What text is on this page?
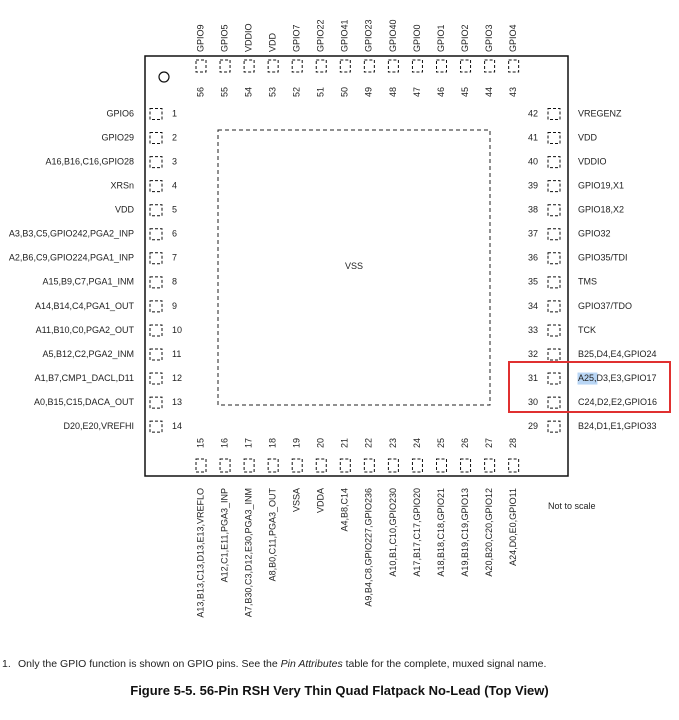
VSS
1
GPIO6
2
GPIO29
3
A16,B16,C16,GPIO28
4
XRSn
5
VDD
6
A3,B3,C5,GPIO242,PGA2_INP
7
A2,B6,C9,GPIO224,PGA1_INP
8
A15,B9,C7,PGA1_INM
9
A14,B14,C4,PGA1_OUT
10
A11,B10,C0,PGA2_OUT
11
A5,B12,C2,PGA2_INM
12
A1,B7,CMP1_DACL,D11
13
A0,B15,C15,DACA_OUT
14
D20,E20,VREFHI
42	VREGENZ
41	VDD
40	VDDIO
39	GPIO19,X1
38	GPIO18,X2
37	GPIO32
36	GPIO35/TDI
35	TMS
34	GPIO37/TDO
33	TCK
32	B25,D4,E4,GPIO24
31	A25,D3,E3,GPIO17
30	C24,D2,E2,GPIO16
29	B24,D1,E1,GPIO33
56
GPIO9
55
GPIO5
54
VDDIO
53
VDD
52
GPIO7
51
GPIO22
50
GPIO41
49
GPIO23
48
GPIO40
47
GPIO0
46
GPIO1
45
GPIO2
44
GPIO3
43
GPIO4
15
A13,B13,C13,D13,E13,VREFLO
16
A12,C1,E11,PGA3_INP
17
A7,B30,C3,D12,E30,PGA3_INM
18
A8,B0,C11,PGA3_OUT
19
VSSA
20
VDDA
21
A4,B8,C14
22
A9,B4,C8,GPIO227,GPIO236
23
A10,B1,C10,GPIO230
24
A17,B17,C17,GPIO20
25
A18,B18,C18,GPIO21
26
A19,B19,C19,GPIO13
27
A20,B20,C20,GPIO12
28
A24,D0,E0,GPIO11	Not to scale
1. Only the GPIO function is shown on GPIO pins. See the Pin Attributes table for the complete, muxed signal name.
Figure 5-5. 56-Pin RSH Very Thin Quad Flatpack No-Lead (Top View)
